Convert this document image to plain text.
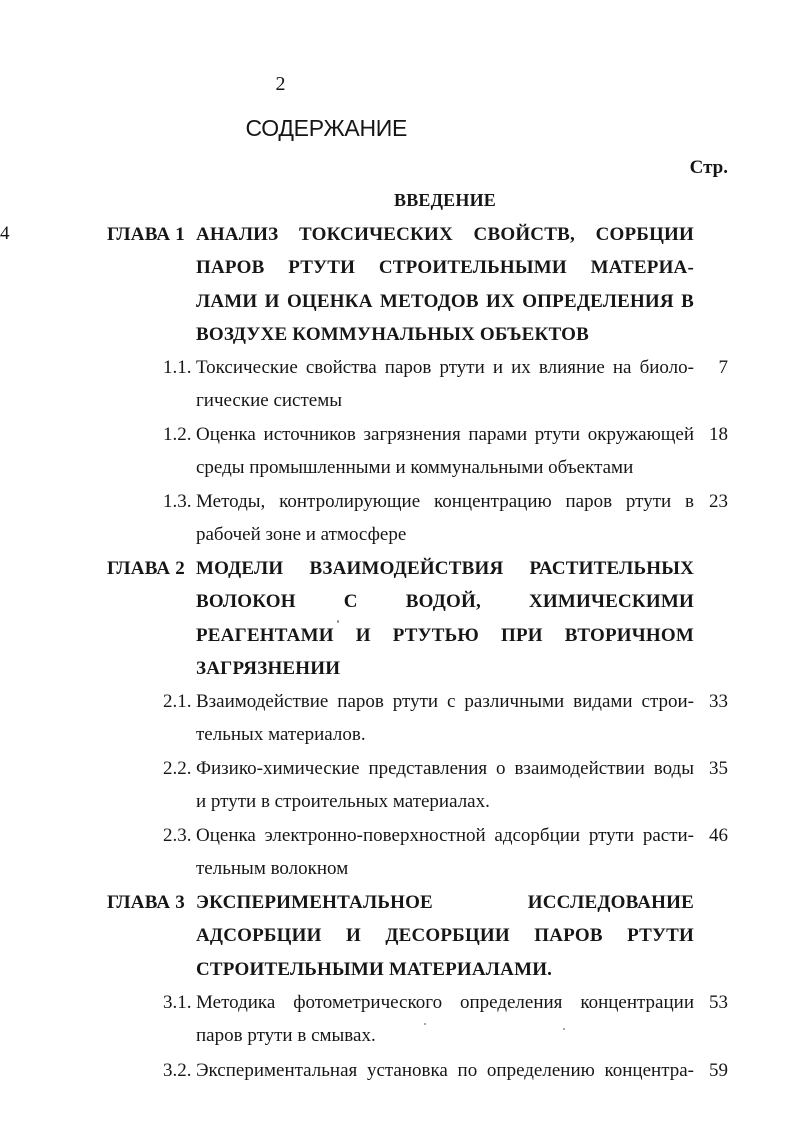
2
СОДЕРЖАНИЕ
Стр.
ВВЕДЕНИЕ
4	ГЛАВА 1 АНАЛИЗ ТОКСИЧЕСКИХ СВОЙСТВ, СОРБЦИИ
ПАРОВ РТУТИ СТРОИТЕЛЬНЫМИ МАТЕРИА-
ЛАМИ И ОЦЕНКА МЕТОДОВ ИХ ОПРЕДЕЛЕНИЯ В
ВОЗДУХЕ КОММУНАЛЬНЫХ ОБЪЕКТОВ
1.1. Токсические свойства паров ртути и их влияние на биоло-
гические системы
7
1.2. Оценка источников загрязнения парами ртути окружающей
среды промышленными и коммунальными объектами
18
1.3. Методы, контролирующие концентрацию паров ртути в
рабочей зоне и атмосфере
23
ГЛАВА 2 МОДЕЛИ ВЗАИМОДЕЙСТВИЯ РАСТИТЕЛЬНЫХ
ВОЛОКОН С ВОДОЙ, ХИМИЧЕСКИМИ
РЕАГЕНТАМИ И РТУТЬЮ ПРИ ВТОРИЧНОМ
ЗАГРЯЗНЕНИИ
2.1. Взаимодействие паров ртути с различными видами строи-
тельных материалов.
33
2.2. Физико-химические представления о взаимодействии воды
и ртути в строительных материалах.
35
2.3. Оценка электронно-поверхностной адсорбции ртути расти-
тельным волокном
46
ГЛАВА 3 ЭКСПЕРИМЕНТАЛЬНОЕ ИССЛЕДОВАНИЕ
АДСОРБЦИИ И ДЕСОРБЦИИ ПАРОВ РТУТИ
СТРОИТЕЛЬНЫМИ МАТЕРИАЛАМИ.
3.1. Методика фотометрического определения концентрации
паров ртути в смывах.
53
3.2. Экспериментальная установка по определению концентра- 59
